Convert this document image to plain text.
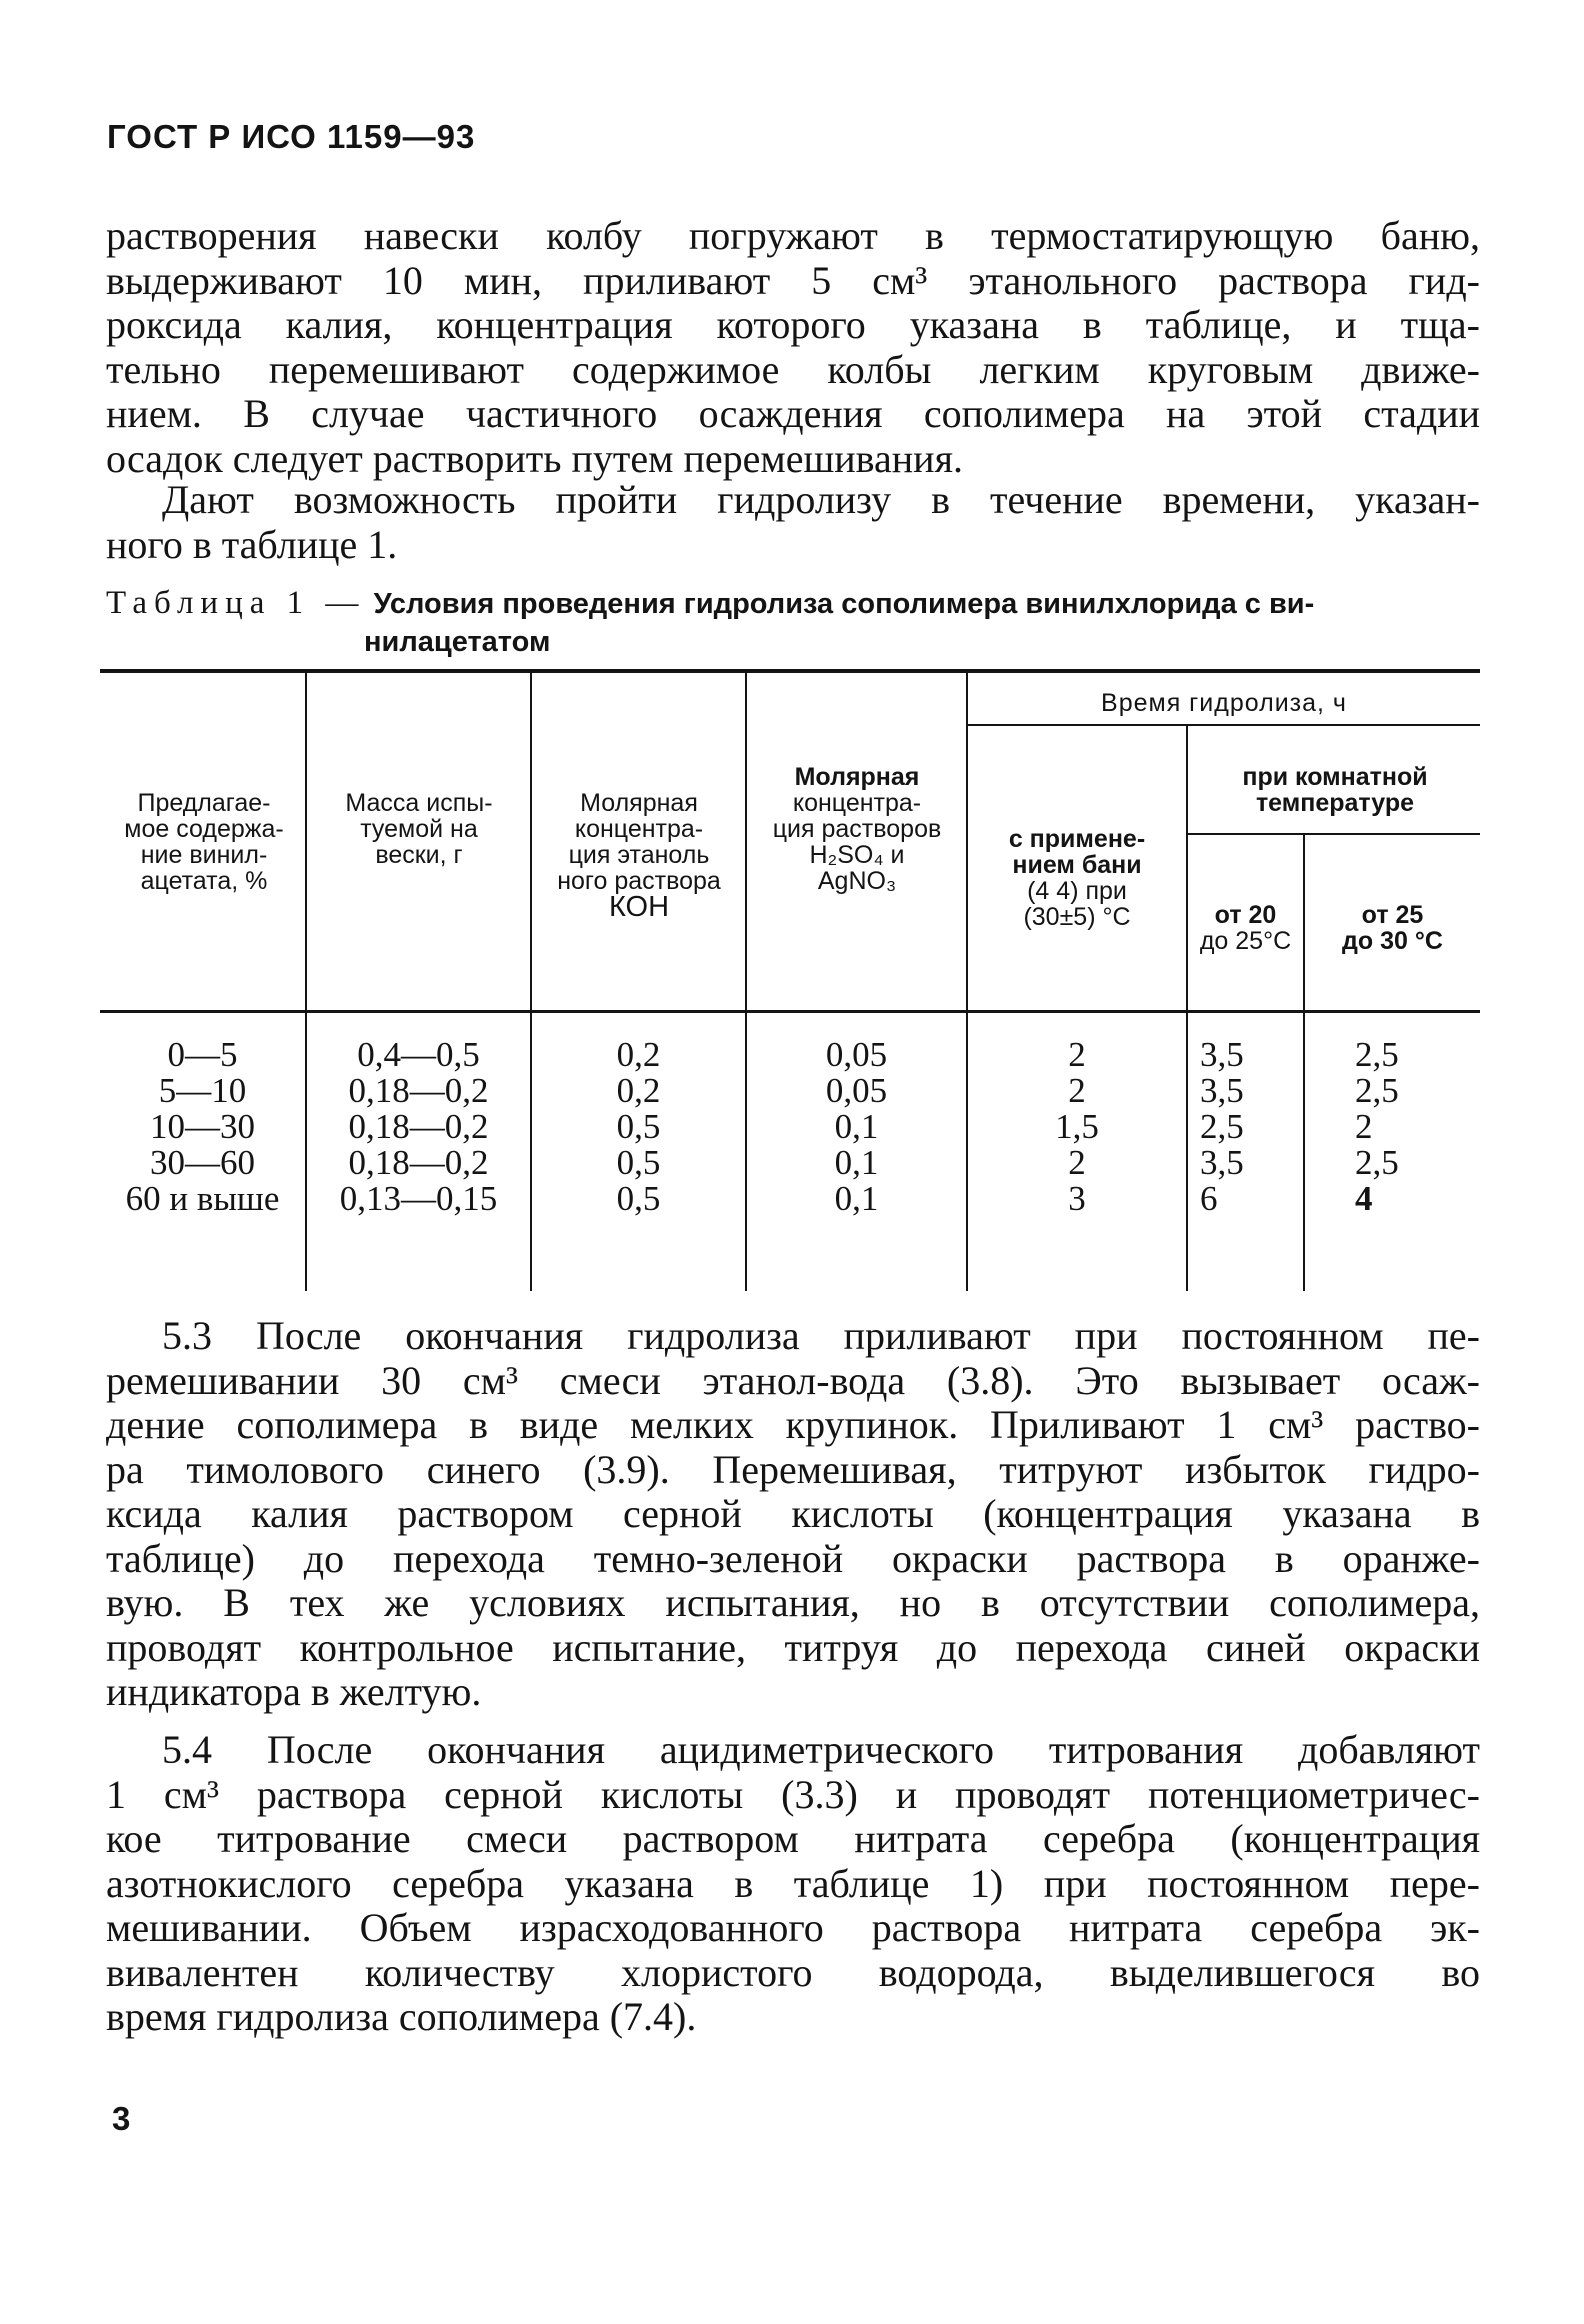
ГОСТ Р ИСО 1159—93
растворения навески колбу погружают в термостатирующую баню,
выдерживают 10 мин, приливают 5 см³ этанольного раствора гид-
роксида калия, концентрация которого указана в таблице, и тща-
тельно перемешивают содержимое колбы легким круговым движе-
нием. В случае частичного осаждения сополимера на этой стадии
осадок следует растворить путем перемешивания.
Дают возможность пройти гидролизу в течение времени, указан-
ного в таблице 1.
Таблица 1 — Условия проведения гидролиза сополимера винилхлорида с ви-
нилацетатом
Предлагае-
мое содержа-
ние винил-
ацетата, %
Масса испы-
туемой на
вески, г
Молярная
концентра-
ция этаноль
ного раствора
КОН
Молярная
концентра-
ция растворов
H₂SO₄ и
AgNO₃
Время гидролиза, ч
с примене-
нием бани
(4 4) при
(30±5) °С
при комнатной
температуре
от 20
до 25°С
от 25
до 30 °С
0—5
5—10
10—30
30—60
60 и выше
0,4—0,5
0,18—0,2
0,18—0,2
0,18—0,2
0,13—0,15
0,2
0,2
0,5
0,5
0,5
0,05
0,05
0,1
0,1
0,1
2
2
1,5
2
3
3,5
3,5
2,5
3,5
6
2,5
2,5
2
2,5
4
5.3 После окончания гидролиза приливают при постоянном пе-
ремешивании 30 см³ смеси этанол-вода (3.8). Это вызывает осаж-
дение сополимера в виде мелких крупинок. Приливают 1 см³ раство-
ра тимолового синего (3.9). Перемешивая, титруют избыток гидро-
ксида калия раствором серной кислоты (концентрация указана в
таблице) до перехода темно-зеленой окраски раствора в оранже-
вую. В тех же условиях испытания, но в отсутствии сополимера,
проводят контрольное испытание, титруя до перехода синей окраски
индикатора в желтую.
5.4 После окончания ацидиметрического титрования добавляют
1 см³ раствора серной кислоты (3.3) и проводят потенциометричес-
кое титрование смеси раствором нитрата серебра (концентрация
азотнокислого серебра указана в таблице 1) при постоянном пере-
мешивании. Объем израсходованного раствора нитрата серебра эк-
вивалентен количеству хлористого водорода, выделившегося во
время гидролиза сополимера (7.4).
3
